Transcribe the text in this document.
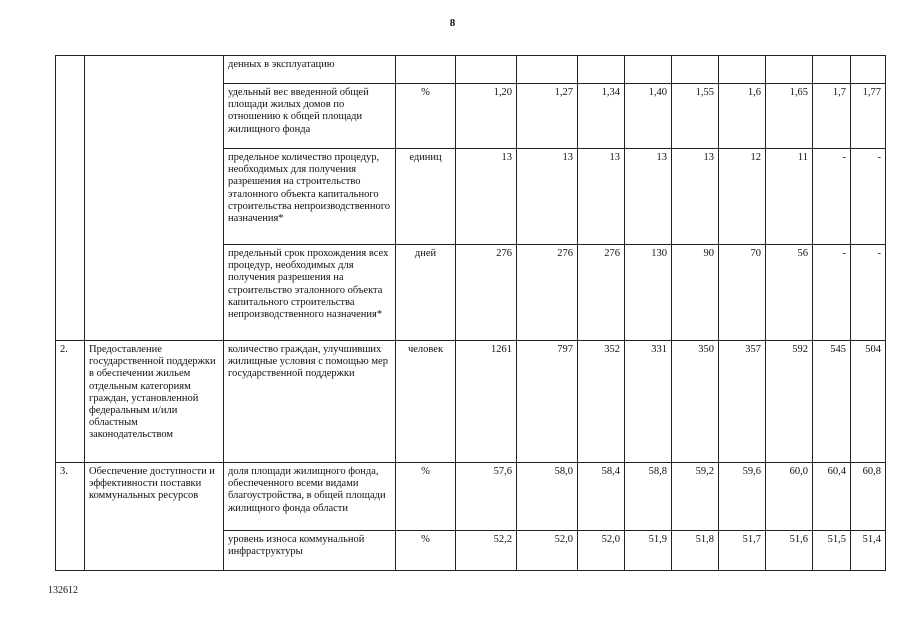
8
		денных в эксплуатацию										
		удельный вес введенной общей площади жилых домов по отношению к общей площади жилищного фонда	%	1,20	1,27	1,34	1,40	1,55	1,6	1,65	1,7	1,77
		предельное количество процедур, необходимых для получения разрешения на строительство эталонного объекта капитального строительства непроизводственного назначения*	единиц	13	13	13	13	13	12	11	-	-
		предельный срок прохождения всех процедур, необходимых для получения разрешения на строительство эталонного объекта капитального строительства непроизводственного назначения*	дней	276	276	276	130	90	70	56	-	-
2.	Предоставление государственной поддержки в обеспечении жильем отдельным категориям граждан, установленной федеральным и/или областным законодательством	количество граждан, улучшивших жилищные условия с помощью мер государственной поддержки	человек	1261	797	352	331	350	357	592	545	504
3.	Обеспечение доступности и эффективности поставки коммунальных ресурсов	доля площади жилищного фонда, обеспеченного всеми видами благоустройства, в общей площади жилищного фонда области	%	57,6	58,0	58,4	58,8	59,2	59,6	60,0	60,4	60,8
		уровень износа коммунальной инфраструктуры	%	52,2	52,0	52,0	51,9	51,8	51,7	51,6	51,5	51,4
132612
